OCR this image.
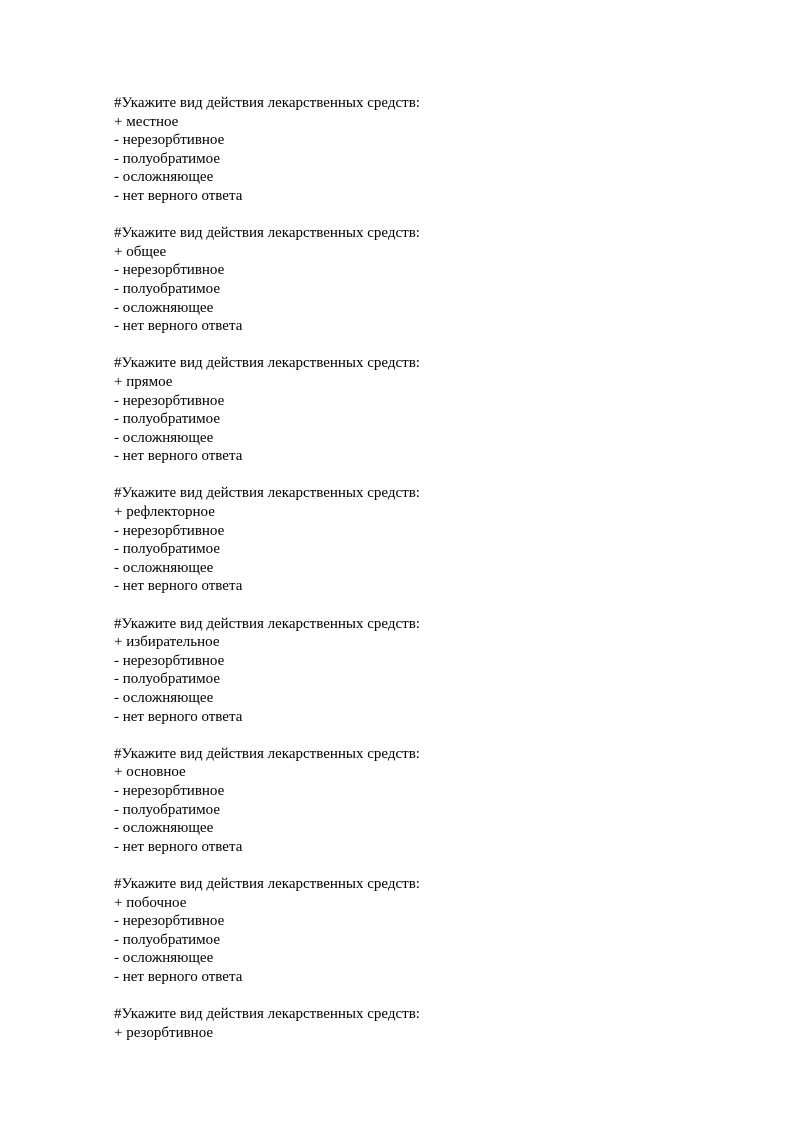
#Укажите вид действия лекарственных средств:
+ местное
- нерезорбтивное
- полуобратимое
- осложняющее
- нет верного ответа
#Укажите вид действия лекарственных средств:
+ общее
- нерезорбтивное
- полуобратимое
- осложняющее
- нет верного ответа
#Укажите вид действия лекарственных средств:
+ прямое
- нерезорбтивное
- полуобратимое
- осложняющее
- нет верного ответа
#Укажите вид действия лекарственных средств:
+ рефлекторное
- нерезорбтивное
- полуобратимое
- осложняющее
- нет верного ответа
#Укажите вид действия лекарственных средств:
+ избирательное
- нерезорбтивное
- полуобратимое
- осложняющее
- нет верного ответа
#Укажите вид действия лекарственных средств:
+ основное
- нерезорбтивное
- полуобратимое
- осложняющее
- нет верного ответа
#Укажите вид действия лекарственных средств:
+ побочное
- нерезорбтивное
- полуобратимое
- осложняющее
- нет верного ответа
#Укажите вид действия лекарственных средств:
+ резорбтивное
